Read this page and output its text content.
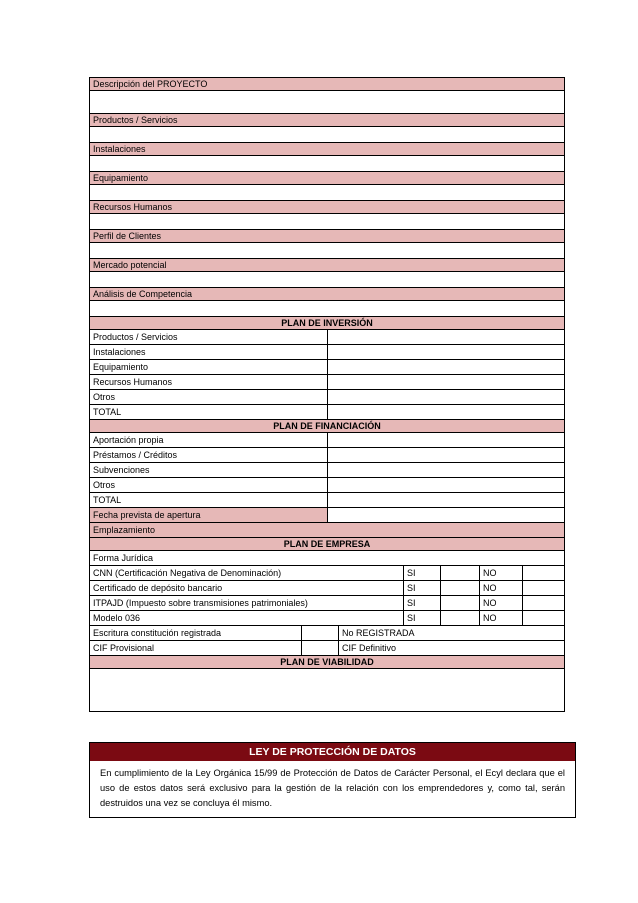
Descripción del PROYECTO
Productos / Servicios
Instalaciones
Equipamiento
Recursos Humanos
Perfil de Clientes
Mercado potencial
Análisis de Competencia
PLAN DE INVERSIÓN
Productos / Servicios
Instalaciones
Equipamiento
Recursos Humanos
Otros
TOTAL
PLAN DE FINANCIACIÓN
Aportación propia
Préstamos / Créditos
Subvenciones
Otros
TOTAL
Fecha prevista de apertura
Emplazamiento
PLAN DE EMPRESA
Forma Jurídica
CNN (Certificación Negativa de Denominación)	SI	NO
Certificado de depósito bancario	SI	NO
ITPAJD (Impuesto sobre transmisiones patrimoniales)	SI	NO
Modelo 036	SI	NO
Escritura constitución registrada	No REGISTRADA
CIF Provisional	CIF Definitivo
PLAN DE VIABILIDAD
LEY DE PROTECCIÓN DE DATOS
En cumplimiento de la Ley Orgánica 15/99 de Protección de Datos de Carácter Personal, el Ecyl declara que el uso de estos datos será exclusivo para la gestión de la relación con los emprendedores y, como tal, serán destruidos una vez se concluya él mismo.
